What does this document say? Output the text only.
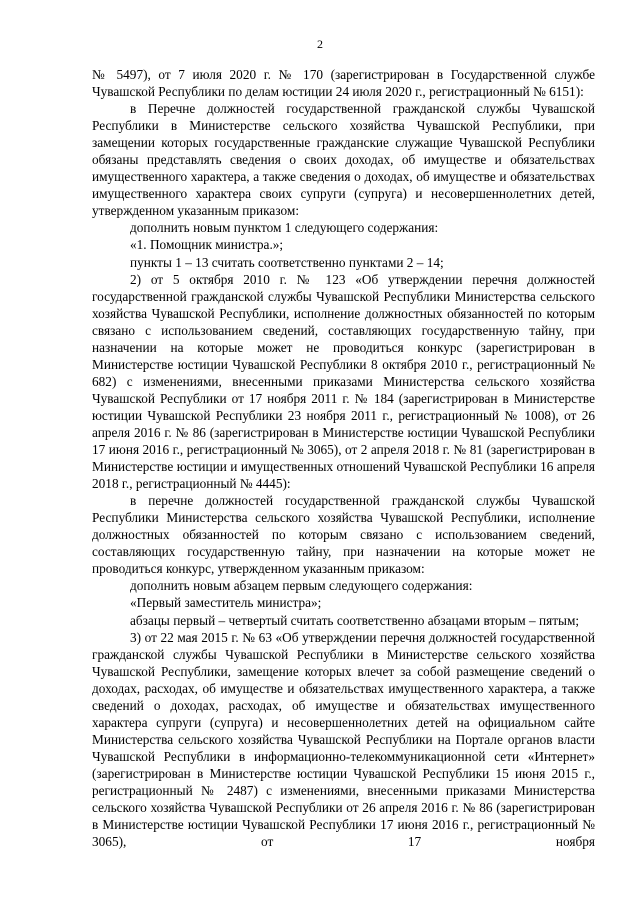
2

№ 5497), от 7 июля 2020 г. № 170 (зарегистрирован в Государственной службе Чувашской Республики по делам юстиции 24 июля 2020 г., регистрационный № 6151):

в Перечне должностей государственной гражданской службы Чувашской Республики в Министерстве сельского хозяйства Чувашской Республики, при замещении которых государственные гражданские служащие Чувашской Республики обязаны представлять сведения о своих доходах, об имуществе и обязательствах имущественного характера, а также сведения о доходах, об имуществе и обязательствах имущественного характера своих супруги (супруга) и несовершеннолетних детей, утвержденном указанным приказом:

дополнить новым пунктом 1 следующего содержания:

«1. Помощник министра.»;

пункты 1 – 13 считать соответственно пунктами 2 – 14;

2) от 5 октября 2010 г. № 123 «Об утверждении перечня должностей государственной гражданской службы Чувашской Республики Министерства сельского хозяйства Чувашской Республики, исполнение должностных обязанностей по которым связано с использованием сведений, составляющих государственную тайну, при назначении на которые может не проводиться конкурс (зарегистрирован в Министерстве юстиции Чувашской Республики 8 октября 2010 г., регистрационный № 682) с изменениями, внесенными приказами Министерства сельского хозяйства Чувашской Республики от 17 ноября 2011 г. № 184 (зарегистрирован в Министерстве юстиции Чувашской Республики 23 ноября 2011 г., регистрационный № 1008), от 26 апреля 2016 г. № 86 (зарегистрирован в Министерстве юстиции Чувашской Республики 17 июня 2016 г., регистрационный № 3065), от 2 апреля 2018 г. № 81 (зарегистрирован в Министерстве юстиции и имущественных отношений Чувашской Республики 16 апреля 2018 г., регистрационный № 4445):

в перечне должностей государственной гражданской службы Чувашской Республики Министерства сельского хозяйства Чувашской Республики, исполнение должностных обязанностей по которым связано с использованием сведений, составляющих государственную тайну, при назначении на которые может не проводиться конкурс, утвержденном указанным приказом:

дополнить новым абзацем первым следующего содержания:

«Первый заместитель министра»;

абзацы первый – четвертый считать соответственно абзацами вторым – пятым;

3) от 22 мая 2015 г. № 63 «Об утверждении перечня должностей государственной гражданской службы Чувашской Республики в Министерстве сельского хозяйства Чувашской Республики, замещение которых влечет за собой размещение сведений о доходах, расходах, об имуществе и обязательствах имущественного характера, а также сведений о доходах, расходах, об имуществе и обязательствах имущественного характера супруги (супруга) и несовершеннолетних детей на официальном сайте Министерства сельского хозяйства Чувашской Республики на Портале органов власти Чувашской Республики в информационно-телекоммуникационной сети «Интернет» (зарегистрирован в Министерстве юстиции Чувашской Республики 15 июня 2015 г., регистрационный № 2487) с изменениями, внесенными приказами Министерства сельского хозяйства Чувашской Республики от 26 апреля 2016 г. № 86 (зарегистрирован в Министерстве юстиции Чувашской Республики 17 июня 2016 г., регистрационный № 3065), от 17 ноября
